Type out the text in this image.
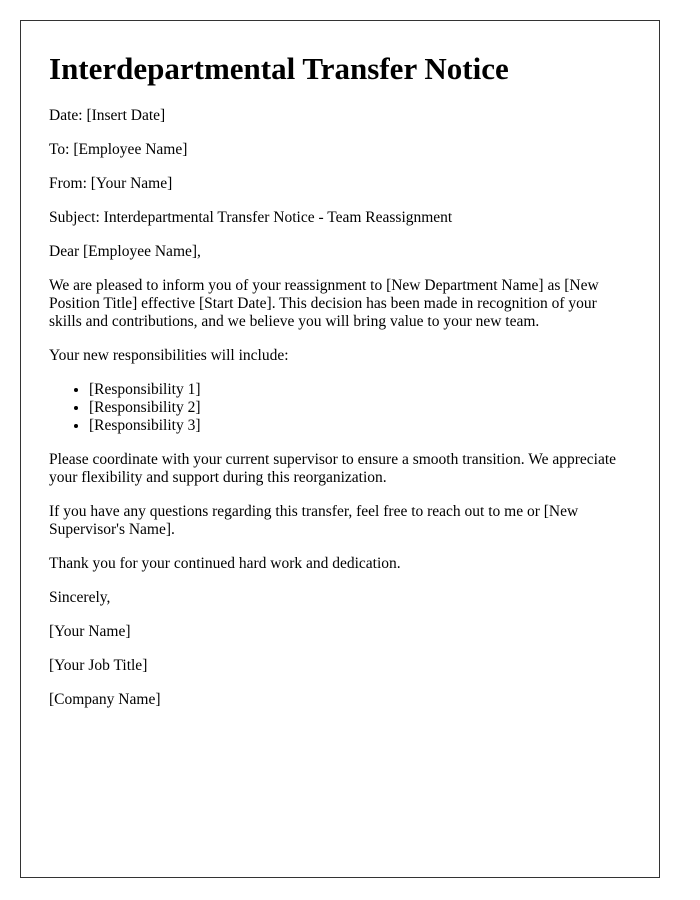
Interdepartmental Transfer Notice

Date: [Insert Date]

To: [Employee Name]

From: [Your Name]

Subject: Interdepartmental Transfer Notice - Team Reassignment

Dear [Employee Name],

We are pleased to inform you of your reassignment to [New Department Name] as [New Position Title] effective [Start Date]. This decision has been made in recognition of your skills and contributions, and we believe you will bring value to your new team.

Your new responsibilities will include:

• [Responsibility 1]
• [Responsibility 2]
• [Responsibility 3]

Please coordinate with your current supervisor to ensure a smooth transition. We appreciate your flexibility and support during this reorganization.

If you have any questions regarding this transfer, feel free to reach out to me or [New Supervisor's Name].

Thank you for your continued hard work and dedication.

Sincerely,

[Your Name]

[Your Job Title]

[Company Name]
